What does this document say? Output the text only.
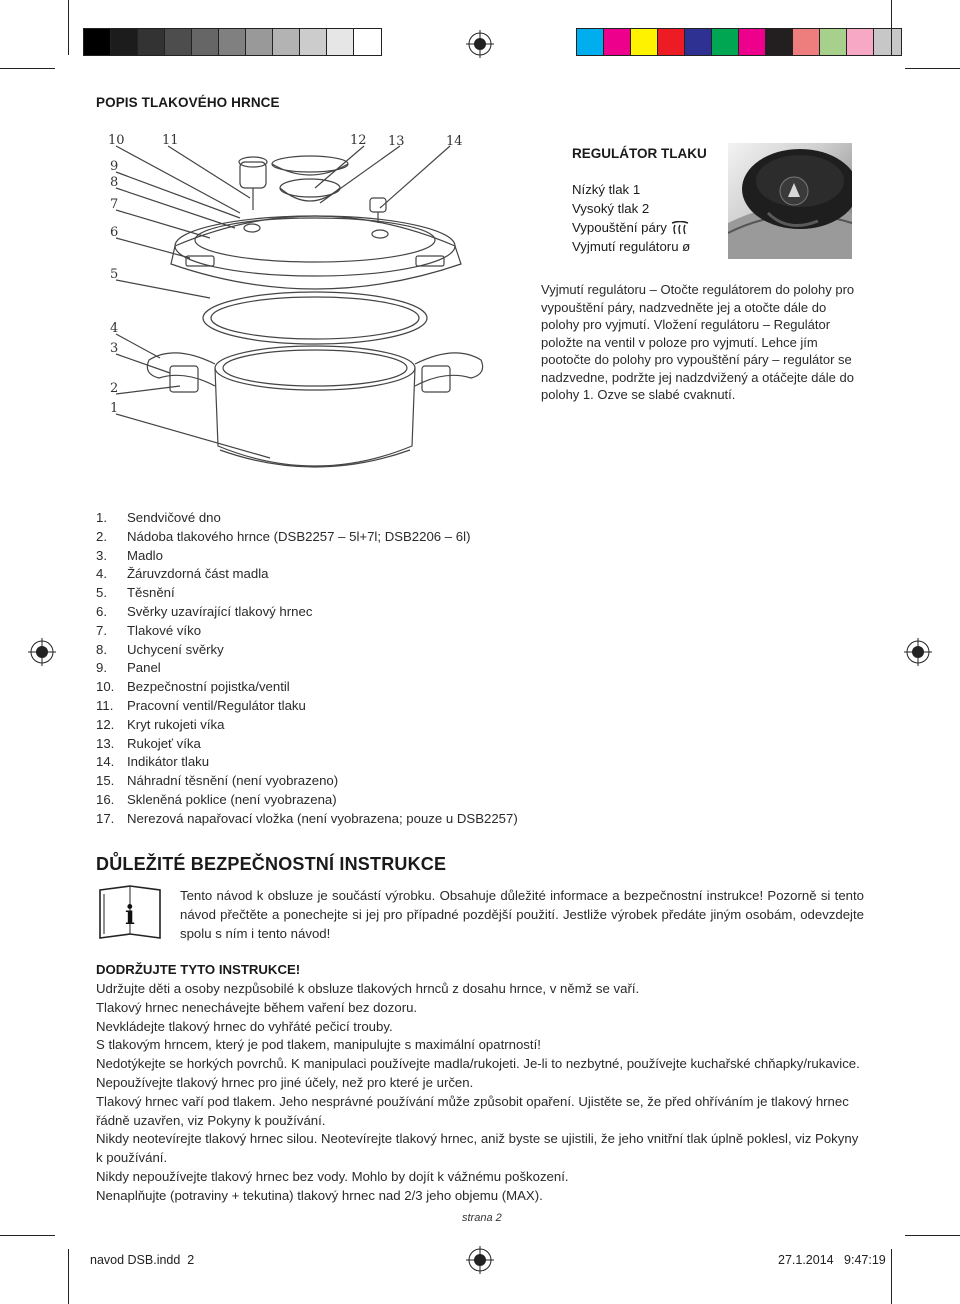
POPIS TLAKOVÉHO HRNCE
10	11	12 13	14
9
8
7
6
5
4
3
2
1
REGULÁTOR TLAKU
Nízký tlak 1
Vysoký tlak 2
Vypouštění páry
Vyjmutí regulátoru ø
Vyjmutí regulátoru – Otočte regulátorem do polohy pro vypouštění páry, nadzvedněte jej a otočte dále do polohy pro vyjmutí. Vložení regulátoru – Regulátor položte na ventil v poloze pro vyjmutí. Lehce jím pootočte do polohy pro vypouštění páry – regulátor se nadzvedne, podržte jej nadzdvižený a otáčejte dále do polohy 1. Ozve se slabé cvaknutí.
1.	Sendvičové dno
2.	Nádoba tlakového hrnce (DSB2257 – 5l+7l; DSB2206 – 6l)
3.	Madlo
4.	Žáruvzdorná část madla
5.	Těsnění
6.	Svěrky uzavírající tlakový hrnec
7.	Tlakové víko
8.	Uchycení svěrky
9.	Panel
10. Bezpečnostní pojistka/ventil
11.	Pracovní ventil/Regulátor tlaku
12. Kryt rukojeti víka
13. Rukojeť víka
14. Indikátor tlaku
15. Náhradní těsnění (není vyobrazeno)
16. Skleněná poklice (není vyobrazena)
17. Nerezová napařovací vložka (není vyobrazena; pouze u DSB2257)
DŮLEŽITÉ BEZPEČNOSTNÍ INSTRUKCE
i
Tento návod k obsluze je součástí výrobku. Obsahuje důležité informace a bezpečnostní instrukce! Pozorně si tento návod přečtěte a ponechejte si jej pro případné pozdější použití. Jestliže výrobek předáte jiným osobám, odevzdejte spolu s ním i tento návod!
DODRŽUJTE TYTO INSTRUKCE!

Udržujte děti a osoby nezpůsobilé k obsluze tlakových hrnců z dosahu hrnce, v němž se vaří.

Tlakový hrnec nenechávejte během vaření bez dozoru.

Nevkládejte tlakový hrnec do vyhřáté pečicí trouby.

S tlakovým hrncem, který je pod tlakem, manipulujte s maximální opatrností!

Nedotýkejte se horkých povrchů. K manipulaci používejte madla/rukojeti. Je-li to nezbytné, používejte kuchařské chňapky/rukavice.

Nepoužívejte tlakový hrnec pro jiné účely, než pro které je určen.

Tlakový hrnec vaří pod tlakem. Jeho nesprávné používání může způsobit opaření. Ujistěte se, že před ohříváním je tlakový hrnec řádně uzavřen, viz Pokyny k používání.

Nikdy neotevírejte tlakový hrnec silou. Neotevírejte tlakový hrnec, aniž byste se ujistili, že jeho vnitřní tlak úplně poklesl, viz Pokyny k používání.

Nikdy nepoužívejte tlakový hrnec bez vody. Mohlo by dojít k vážnému poškození.

Nenaplňujte (potraviny + tekutina) tlakový hrnec nad 2/3 jeho objemu (MAX).

strana 2
navod DSB.indd 2	27.1.2014 9:47:19
